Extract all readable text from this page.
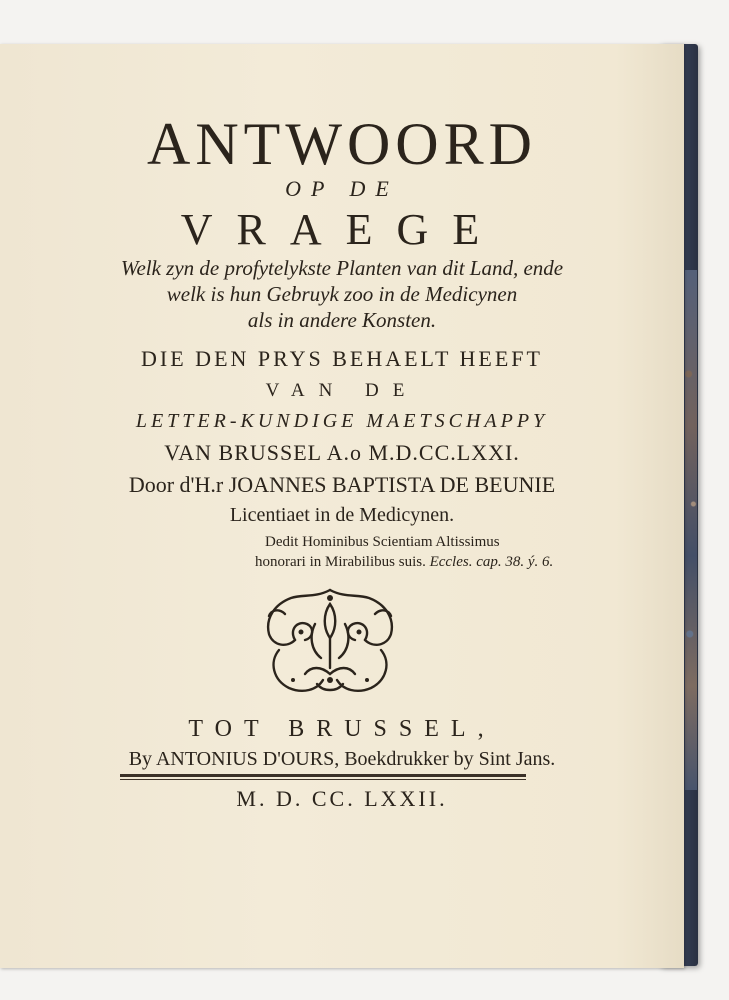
ANTWOORD
OP DE
VRAEGE
Welk zyn de profytelykste Planten van dit Land, ende
welk is hun Gebruyk zoo in de Medicynen
als in andere Konsten.
DIE DEN PRYS BEHAELT HEEFT
VAN DE
LETTER-KUNDIGE MAETSCHAPPY
VAN BRUSSEL A.o M.D.CC.LXXI.
Door d'H.r JOANNES BAPTISTA DE BEUNIE
Licentiaet in de Medicynen.
Dedit Hominibus Scientiam Altissimus
honorari in Mirabilibus suis. Eccles. cap. 38. ý. 6.
TOT BRUSSEL,
By ANTONIUS D'OURS, Boekdrukker by Sint Jans.
M. D. CC. LXXII.
